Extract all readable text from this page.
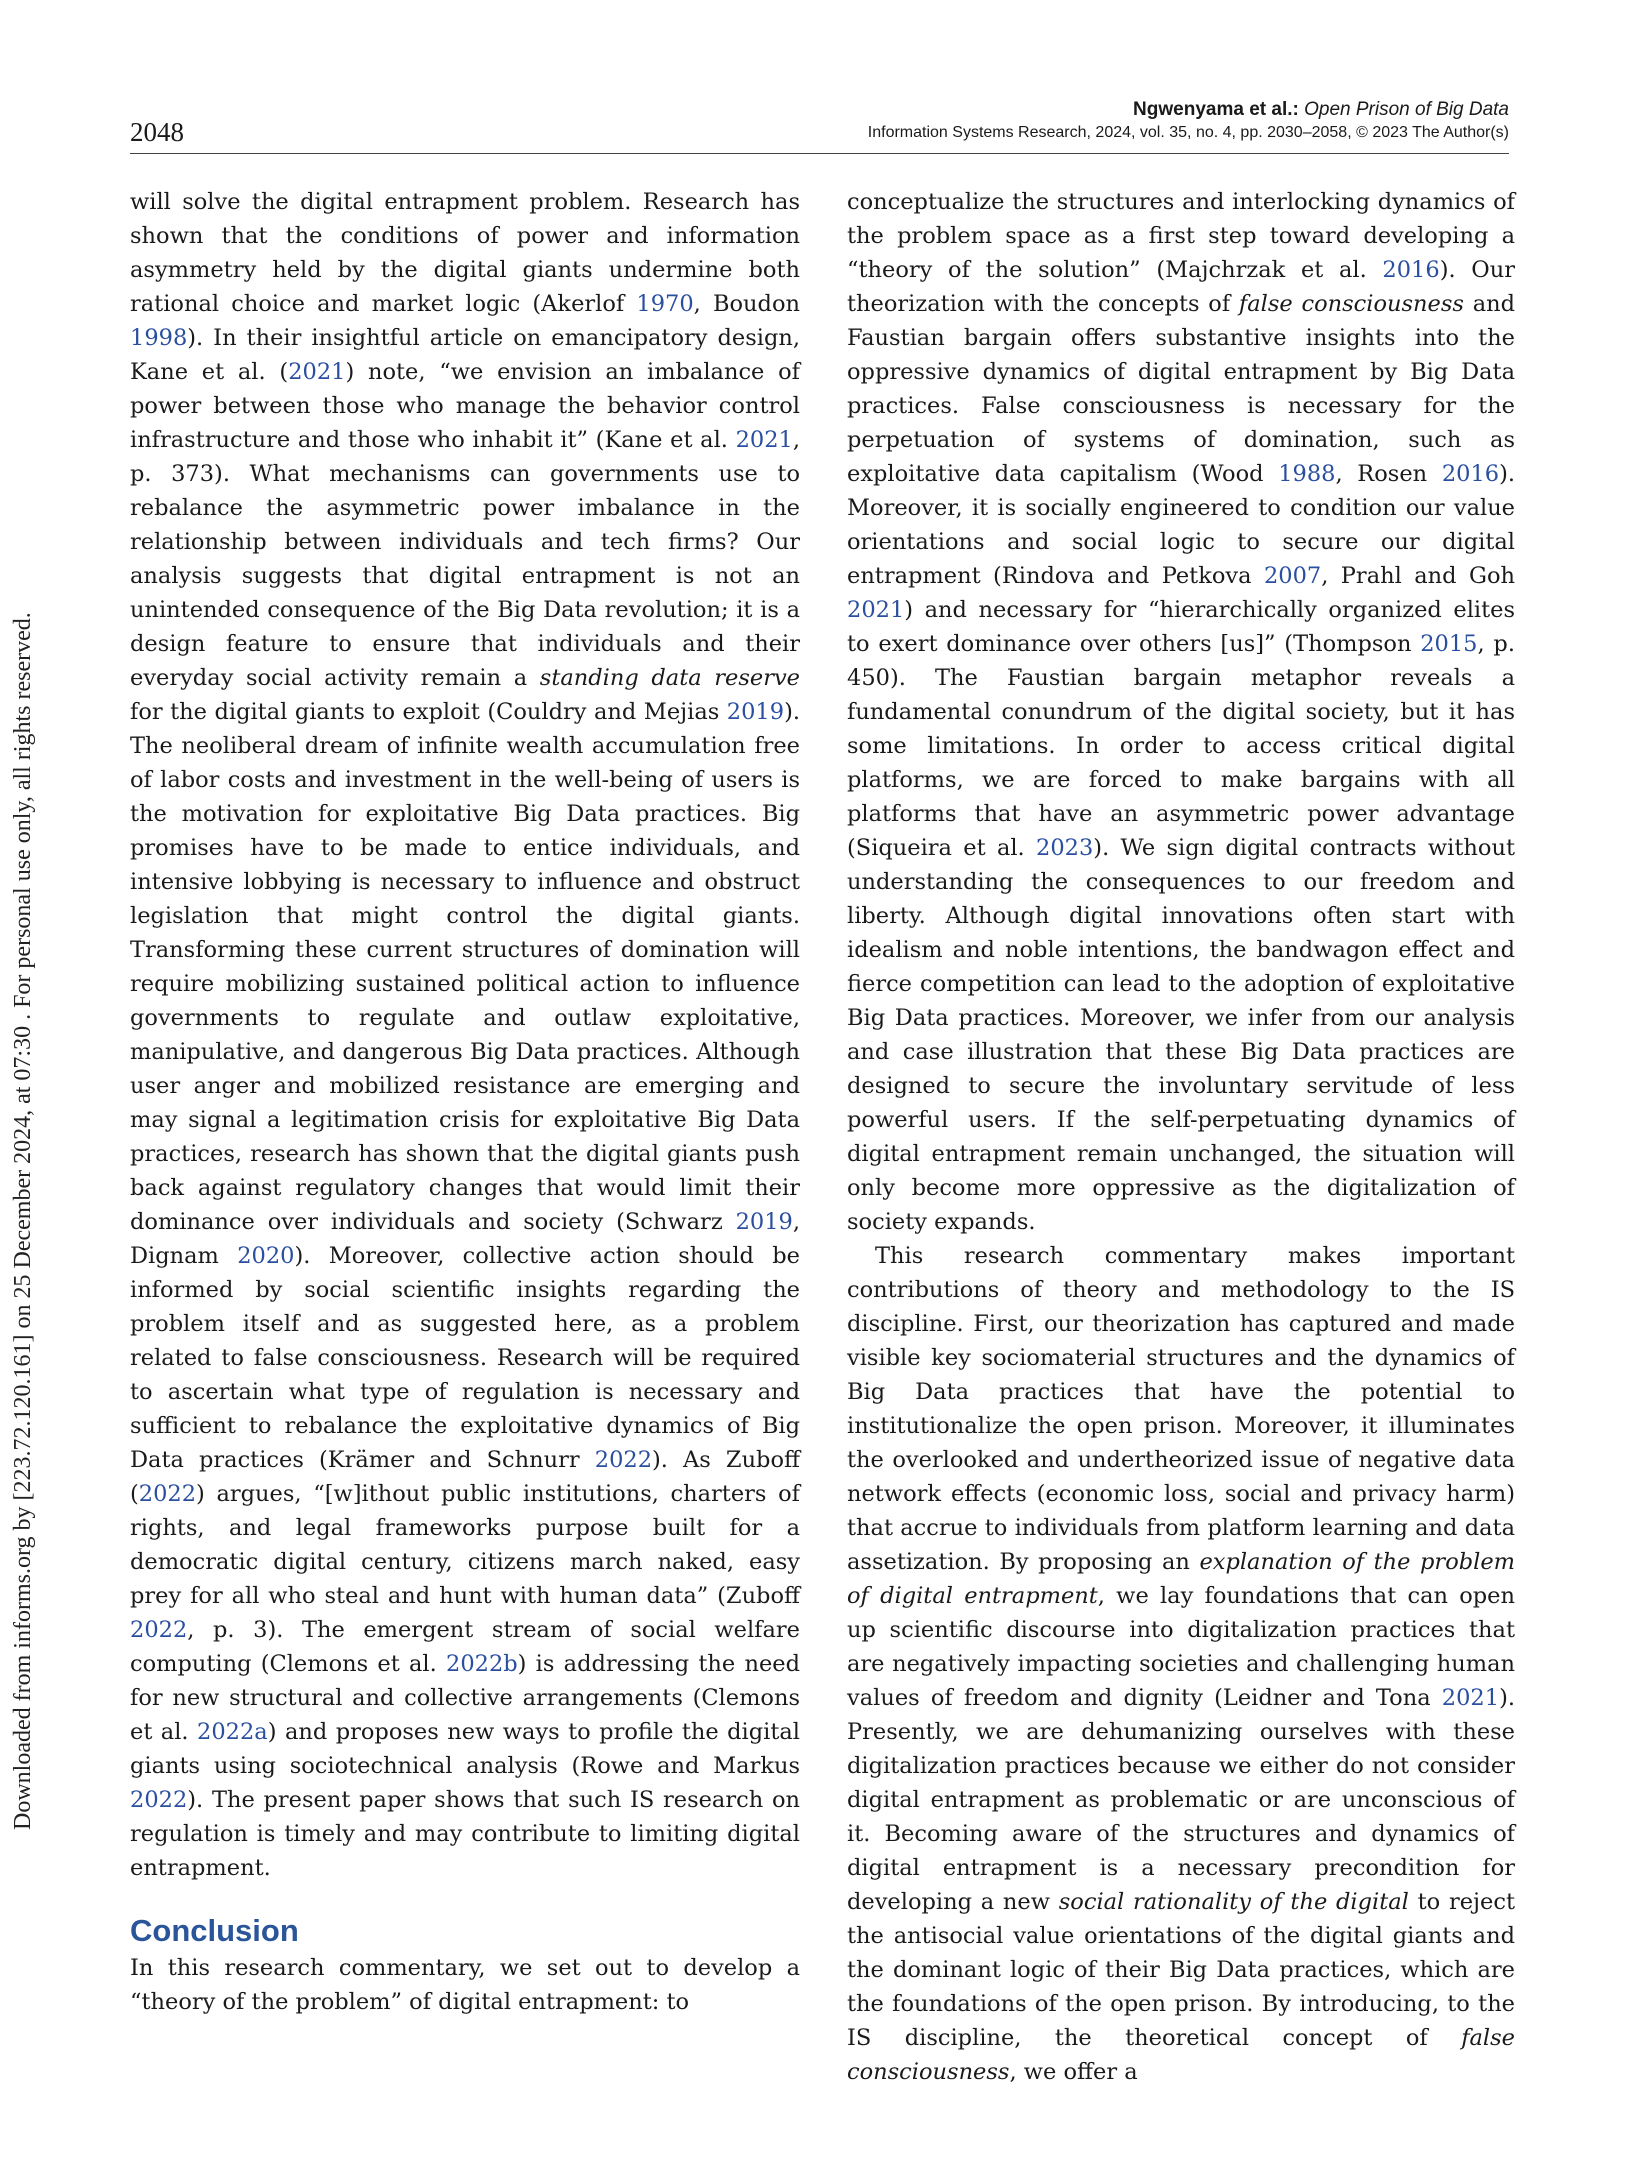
Downloaded from informs.org by [223.72.120.161] on 25 December 2024, at 07:30 . For personal use only, all rights reserved.
2048
Ngwenyama et al.: Open Prison of Big Data
Information Systems Research, 2024, vol. 35, no. 4, pp. 2030–2058, © 2023 The Author(s)

will solve the digital entrapment problem. Research has shown that the conditions of power and information asymmetry held by the digital giants undermine both rational choice and market logic (Akerlof 1970, Boudon 1998). In their insightful article on emancipatory design, Kane et al. (2021) note, “we envision an imbalance of power between those who manage the behavior control infrastructure and those who inhabit it” (Kane et al. 2021, p. 373). What mechanisms can governments use to rebalance the asymmetric power imbalance in the relationship between individuals and tech firms? Our analysis suggests that digital entrapment is not an unintended consequence of the Big Data revolution; it is a design feature to ensure that individuals and their everyday social activity remain a standing data reserve for the digital giants to exploit (Couldry and Mejias 2019). The neoliberal dream of infinite wealth accumulation free of labor costs and investment in the well-being of users is the motivation for exploitative Big Data practices. Big promises have to be made to entice individuals, and intensive lobbying is necessary to influence and obstruct legislation that might control the digital giants. Transforming these current structures of domination will require mobilizing sustained political action to influence governments to regulate and outlaw exploitative, manipulative, and dangerous Big Data practices. Although user anger and mobilized resistance are emerging and may signal a legitimation crisis for exploitative Big Data practices, research has shown that the digital giants push back against regulatory changes that would limit their dominance over individuals and society (Schwarz 2019, Dignam 2020). Moreover, collective action should be informed by social scientific insights regarding the problem itself and as suggested here, as a problem related to false consciousness. Research will be required to ascertain what type of regulation is necessary and sufficient to rebalance the exploitative dynamics of Big Data practices (Krämer and Schnurr 2022). As Zuboff (2022) argues, “[w]ithout public institutions, charters of rights, and legal frameworks purpose built for a democratic digital century, citizens march naked, easy prey for all who steal and hunt with human data” (Zuboff 2022, p. 3). The emergent stream of social welfare computing (Clemons et al. 2022b) is addressing the need for new structural and collective arrangements (Clemons et al. 2022a) and proposes new ways to profile the digital giants using sociotechnical analysis (Rowe and Markus 2022). The present paper shows that such IS research on regulation is timely and may contribute to limiting digital entrapment.

Conclusion

In this research commentary, we set out to develop a “theory of the problem” of digital entrapment: to

conceptualize the structures and interlocking dynamics of the problem space as a first step toward developing a “theory of the solution” (Majchrzak et al. 2016). Our theorization with the concepts of false consciousness and Faustian bargain offers substantive insights into the oppressive dynamics of digital entrapment by Big Data practices. False consciousness is necessary for the perpetuation of systems of domination, such as exploitative data capitalism (Wood 1988, Rosen 2016). Moreover, it is socially engineered to condition our value orientations and social logic to secure our digital entrapment (Rindova and Petkova 2007, Prahl and Goh 2021) and necessary for “hierarchically organized elites to exert dominance over others [us]” (Thompson 2015, p. 450). The Faustian bargain metaphor reveals a fundamental conundrum of the digital society, but it has some limitations. In order to access critical digital platforms, we are forced to make bargains with all platforms that have an asymmetric power advantage (Siqueira et al. 2023). We sign digital contracts without understanding the consequences to our freedom and liberty. Although digital innovations often start with idealism and noble intentions, the bandwagon effect and fierce competition can lead to the adoption of exploitative Big Data practices. Moreover, we infer from our analysis and case illustration that these Big Data practices are designed to secure the involuntary servitude of less powerful users. If the self-perpetuating dynamics of digital entrapment remain unchanged, the situation will only become more oppressive as the digitalization of society expands.

This research commentary makes important contributions of theory and methodology to the IS discipline. First, our theorization has captured and made visible key sociomaterial structures and the dynamics of Big Data practices that have the potential to institutionalize the open prison. Moreover, it illuminates the overlooked and undertheorized issue of negative data network effects (economic loss, social and privacy harm) that accrue to individuals from platform learning and data assetization. By proposing an explanation of the problem of digital entrapment, we lay foundations that can open up scientific discourse into digitalization practices that are negatively impacting societies and challenging human values of freedom and dignity (Leidner and Tona 2021). Presently, we are dehumanizing ourselves with these digitalization practices because we either do not consider digital entrapment as problematic or are unconscious of it. Becoming aware of the structures and dynamics of digital entrapment is a necessary precondition for developing a new social rationality of the digital to reject the antisocial value orientations of the digital giants and the dominant logic of their Big Data practices, which are the foundations of the open prison. By introducing, to the IS discipline, the theoretical concept of false consciousness, we offer a
